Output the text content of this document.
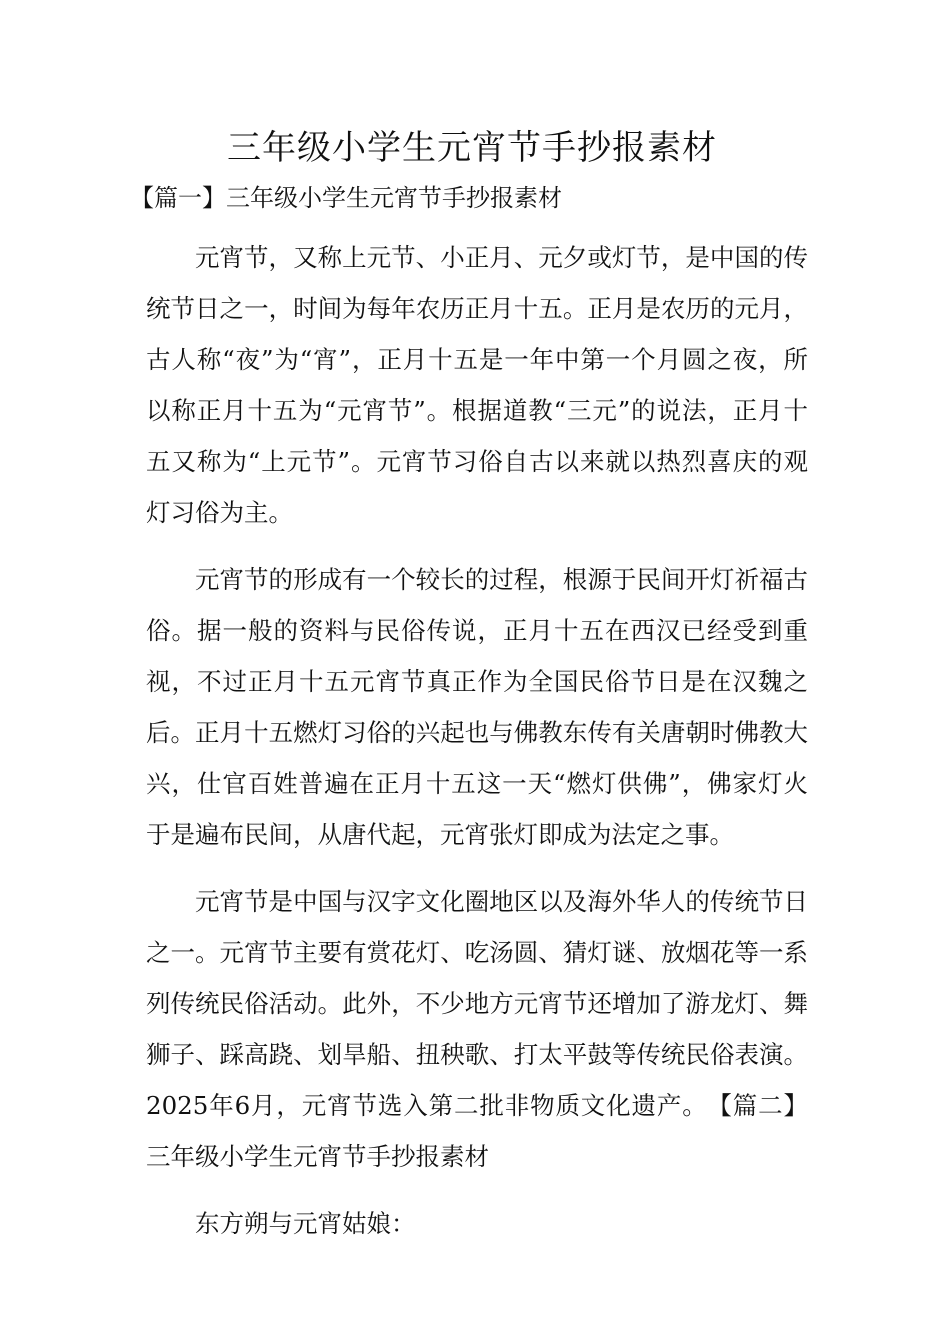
三年级小学生元宵节手抄报素材

【篇一】三年级小学生元宵节手抄报素材

元宵节，又称上元节、小正月、元夕或灯节，是中国的传统节日之一，时间为每年农历正月十五。正月是农历的元月，古人称“夜”为“宵”，正月十五是一年中第一个月圆之夜，所以称正月十五为“元宵节”。根据道教“三元”的说法，正月十五又称为“上元节”。元宵节习俗自古以来就以热烈喜庆的观灯习俗为主。

元宵节的形成有一个较长的过程，根源于民间开灯祈福古俗。据一般的资料与民俗传说，正月十五在西汉已经受到重视，不过正月十五元宵节真正作为全国民俗节日是在汉魏之后。正月十五燃灯习俗的兴起也与佛教东传有关唐朝时佛教大兴，仕官百姓普遍在正月十五这一天“燃灯供佛”，佛家灯火于是遍布民间，从唐代起，元宵张灯即成为法定之事。

元宵节是中国与汉字文化圈地区以及海外华人的传统节日之一。元宵节主要有赏花灯、吃汤圆、猜灯谜、放烟花等一系列传统民俗活动。此外，不少地方元宵节还增加了游龙灯、舞狮子、踩高跷、划旱船、扭秧歌、打太平鼓等传统民俗表演。2025年6月，元宵节选入第二批非物质文化遗产。 【篇二】三年级小学生元宵节手抄报素材

东方朔与元宵姑娘：
